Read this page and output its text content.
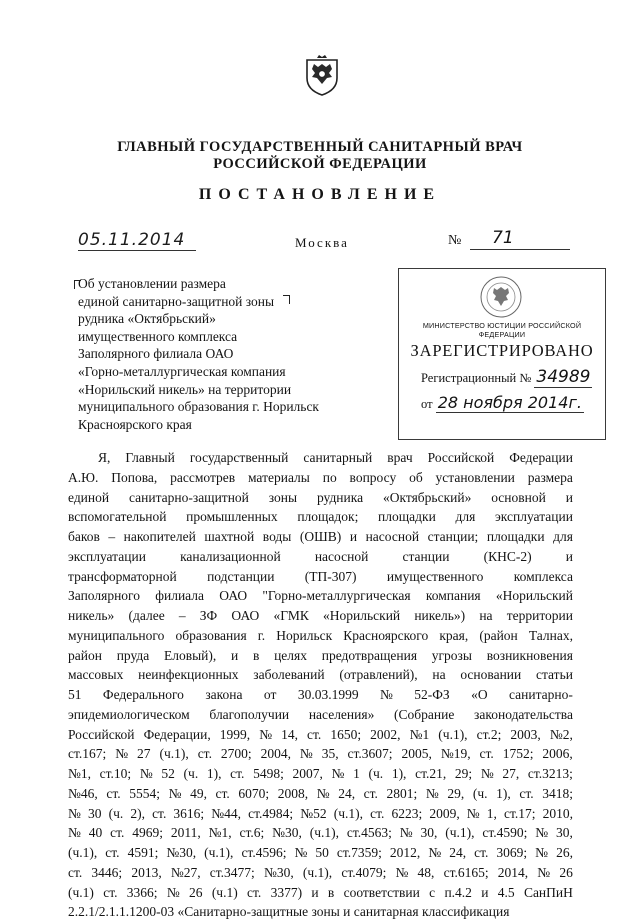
ГЛАВНЫЙ ГОСУДАРСТВЕННЫЙ САНИТАРНЫЙ ВРАЧ
РОССИЙСКОЙ ФЕДЕРАЦИИ
ПОСТАНОВЛЕНИЕ
05.11.2014	Москва	№	71
Об установлении размера
единой санитарно-защитной зоны
рудника «Октябрьский»
имущественного комплекса
Заполярного филиала ОАО
«Горно-металлургическая компания
«Норильский никель» на территории
муниципального образования г. Норильск
Красноярского края
МИНИСТЕРСТВО ЮСТИЦИИ РОССИЙСКОЙ ФЕДЕРАЦИИ
ЗАРЕГИСТРИРОВАНО
Регистрационный № 34989
от 28 ноября 2014г.
Я, Главный государственный санитарный врач Российской Федерации
А.Ю. Попова, рассмотрев материалы по вопросу об установлении размера
единой санитарно-защитной зоны рудника «Октябрьский» основной и
вспомогательной промышленных площадок; площадки для эксплуатации
баков – накопителей шахтной воды (ОШВ) и насосной станции; площадки для
эксплуатации	канализационной	насосной	станции	(КНС-2)	и
трансформаторной подстанции (ТП-307) имущественного комплекса
Заполярного филиала ОАО "Горно-металлургическая компания «Норильский
никель» (далее – ЗФ ОАО «ГМК «Норильский никель») на территории
муниципального образования г. Норильск Красноярского края, (район Талнах,
район пруда Еловый), и в целях предотвращения угрозы возникновения
массовых неинфекционных заболеваний (отравлений), на основании статьи
51 Федерального закона от 30.03.1999 № 52-ФЗ «О санитарно-
эпидемиологическом благополучии населения» (Собрание законодательства
Российской Федерации, 1999, № 14, ст. 1650; 2002, №1 (ч.1), ст.2; 2003, №2,
ст.167; № 27 (ч.1), ст. 2700; 2004, № 35, ст.3607; 2005, №19, ст. 1752; 2006,
№1, ст.10; № 52 (ч. 1), ст. 5498; 2007, № 1 (ч. 1), ст.21, 29; № 27, ст.3213;
№46, ст. 5554; № 49, ст. 6070; 2008, № 24, ст. 2801; № 29, (ч. 1), ст. 3418;
№ 30 (ч. 2), ст. 3616; №44, ст.4984; №52 (ч.1), ст. 6223; 2009, № 1, ст.17; 2010,
№ 40 ст. 4969; 2011, №1, ст.6; №30, (ч.1), ст.4563; № 30, (ч.1), ст.4590; № 30,
(ч.1), ст. 4591; №30, (ч.1), ст.4596; № 50 ст.7359; 2012, № 24, ст. 3069; № 26,
ст. 3446; 2013, №27, ст.3477; №30, (ч.1), ст.4079; № 48, ст.6165; 2014, № 26
(ч.1) ст. 3366; № 26 (ч.1) ст. 3377) и в соответствии с п.4.2 и 4.5 СанПиН
2.2.1/2.1.1.1200-03 «Санитарно-защитные зоны и санитарная классификация
